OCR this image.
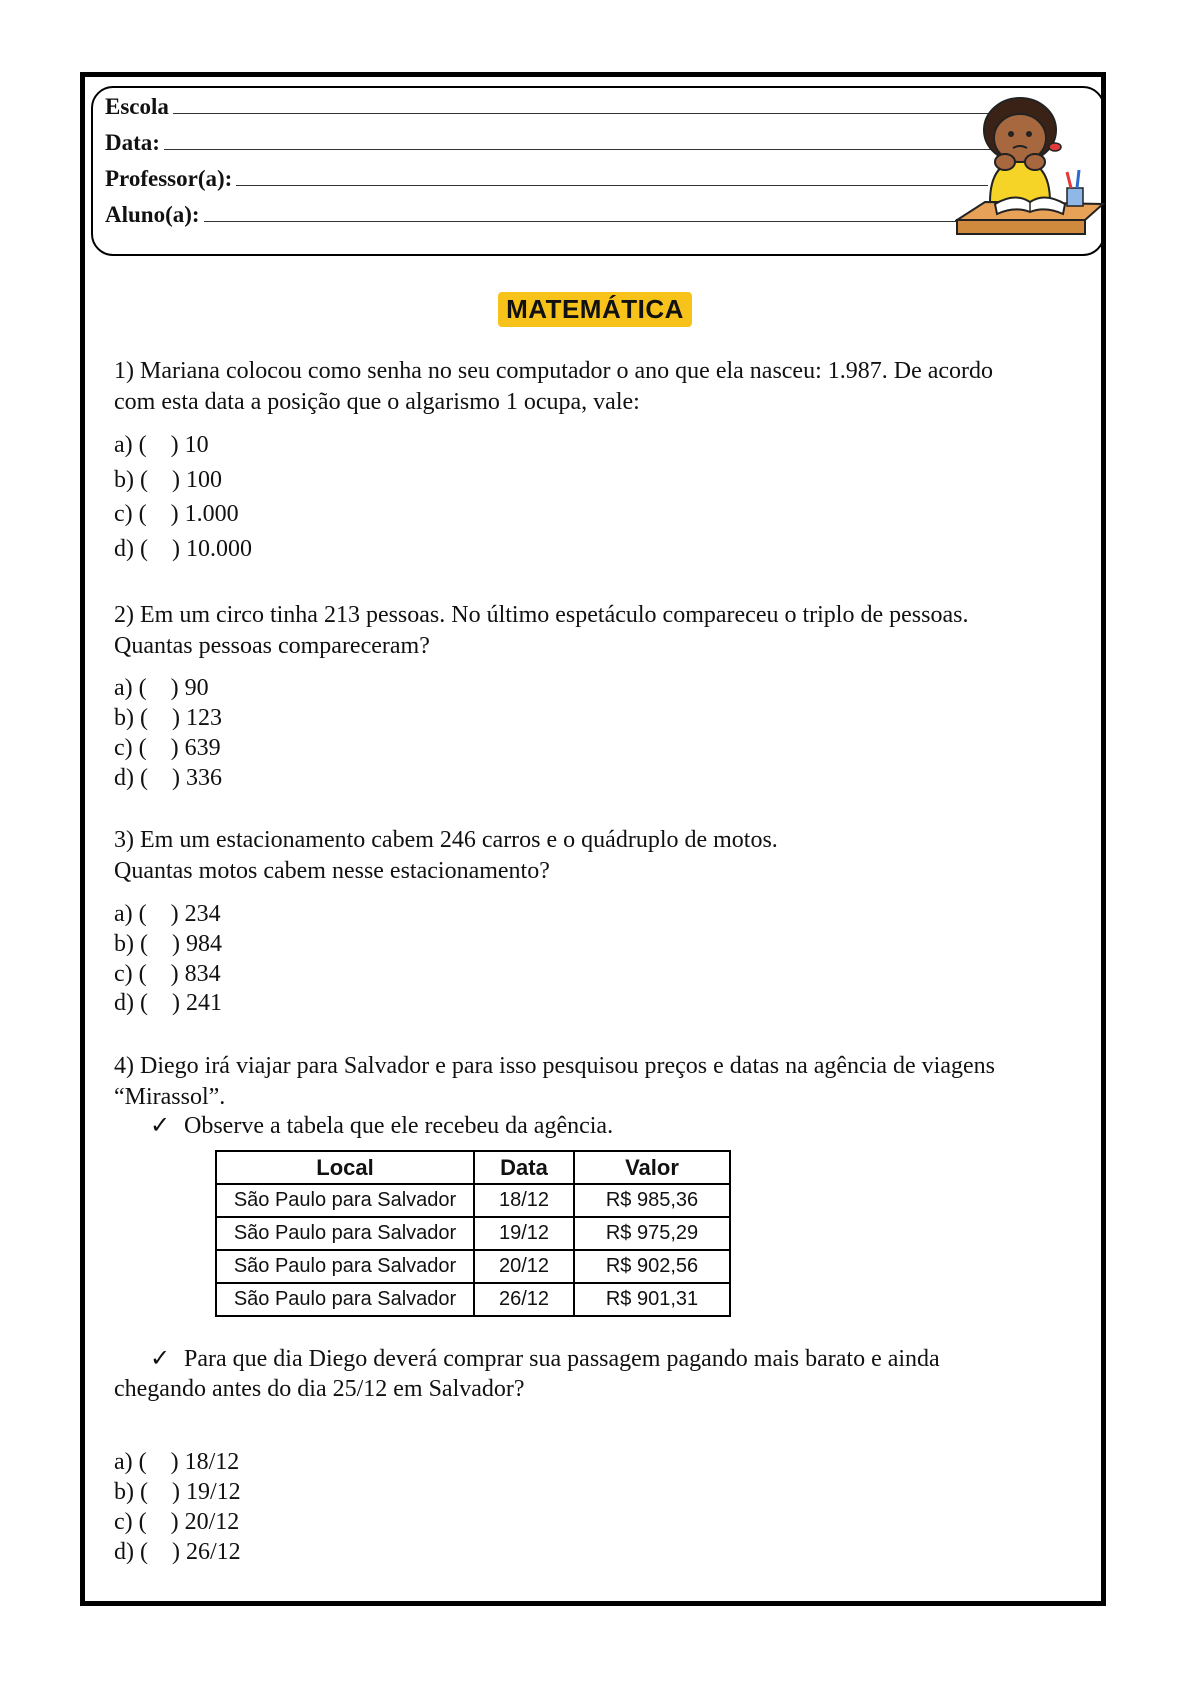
Escola
Data:
Professor(a):
Aluno(a):
MATEMÁTICA
1) Mariana colocou como senha no seu computador o ano que ela nasceu: 1.987. De acordo
com esta data a posição que o algarismo 1 ocupa, vale:
a) (    ) 10
b) (    ) 100
c) (    ) 1.000
d) (    ) 10.000
2) Em um circo tinha 213 pessoas. No último espetáculo compareceu o triplo de pessoas.
Quantas pessoas compareceram?
a) (    ) 90
b) (    ) 123
c) (    ) 639
d) (    ) 336
3) Em um estacionamento cabem 246 carros e o quádruplo de motos.
Quantas motos cabem nesse estacionamento?
a) (    ) 234
b) (    ) 984
c) (    ) 834
d) (    ) 241
4) Diego irá viajar para Salvador e para isso pesquisou preços e datas na agência de viagens
“Mirassol”.
✓ Observe a tabela que ele recebeu da agência.
Local	Data	Valor
São Paulo para Salvador	18/12	R$ 985,36
São Paulo para Salvador	19/12	R$ 975,29
São Paulo para Salvador	20/12	R$ 902,56
São Paulo para Salvador	26/12	R$ 901,31
✓ Para que dia Diego deverá comprar sua passagem pagando mais barato e ainda
chegando antes do dia 25/12 em Salvador?
a) (    ) 18/12
b) (    ) 19/12
c) (    ) 20/12
d) (    ) 26/12
